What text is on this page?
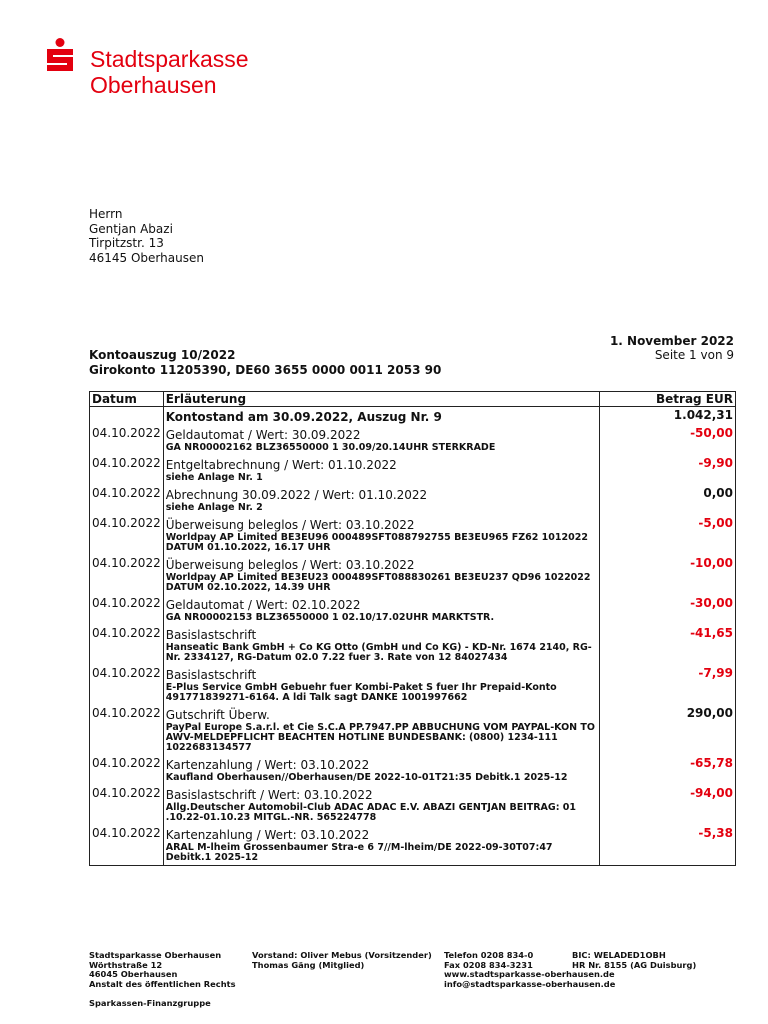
Stadtsparkasse
Oberhausen
Herrn
Gentjan Abazi
Tirpitzstr. 13
46145 Oberhausen
1. November 2022
Seite 1 von 9
Kontoauszug 10/2022
Girokonto 11205390, DE60 3655 0000 0011 2053 90
Datum	Erläuterung	Betrag EUR

	Kontostand am 30.09.2022, Auszug Nr. 9	1.042,31
04.10.2022	Geldautomat / Wert: 30.09.2022
GA NR00002162 BLZ36550000 1 30.09/20.14UHR STERKRADE	-50,00
04.10.2022	Entgeltabrechnung / Wert: 01.10.2022
siehe Anlage Nr. 1	-9,90
04.10.2022	Abrechnung 30.09.2022 / Wert: 01.10.2022
siehe Anlage Nr. 2	0,00
04.10.2022	Überweisung beleglos / Wert: 03.10.2022
Worldpay AP Limited BE3EU96 000489SFT088792755 BE3EU965 FZ62 1012022 DATUM 01.10.2022, 16.17 UHR	-5,00
04.10.2022	Überweisung beleglos / Wert: 03.10.2022
Worldpay AP Limited BE3EU23 000489SFT088830261 BE3EU237 QD96 1022022 DATUM 02.10.2022, 14.39 UHR	-10,00
04.10.2022	Geldautomat / Wert: 02.10.2022
GA NR00002153 BLZ36550000 1 02.10/17.02UHR MARKTSTR.	-30,00
04.10.2022	Basislastschrift
Hanseatic Bank GmbH + Co KG Otto (GmbH und Co KG) - KD-Nr. 1674 2140, RG-Nr. 2334127, RG-Datum 02.0 7.22 fuer 3. Rate von 12 84027434	-41,65
04.10.2022	Basislastschrift
E-Plus Service GmbH Gebuehr fuer Kombi-Paket S fuer Ihr Prepaid-Konto 491771839271-6164. A ldi Talk sagt DANKE 1001997662	-7,99
04.10.2022	Gutschrift Überw.
PayPal Europe S.a.r.l. et Cie S.C.A PP.7947.PP ABBUCHUNG VOM PAYPAL-KON TO AWV-MELDEPFLICHT BEACHTEN HOTLINE BUNDESBANK: (0800) 1234-111 1022683134577	290,00
04.10.2022	Kartenzahlung / Wert: 03.10.2022
Kaufland Oberhausen//Oberhausen/DE 2022-10-01T21:35 Debitk.1 2025-12	-65,78
04.10.2022	Basislastschrift / Wert: 03.10.2022
Allg.Deutscher Automobil-Club ADAC ADAC E.V. ABAZI GENTJAN BEITRAG: 01 .10.22-01.10.23 MITGL.-NR. 565224778	-94,00
04.10.2022	Kartenzahlung / Wert: 03.10.2022
ARAL M-lheim Grossenbaumer Stra-e 6 7//M-lheim/DE 2022-09-30T07:47 Debitk.1 2025-12	-5,38
Stadtsparkasse Oberhausen
Wörthstraße 12
46045 Oberhausen
Anstalt des öffentlichen Rechts
Sparkassen-Finanzgruppe
Vorstand: Oliver Mebus (Vorsitzender)
Thomas Gäng (Mitglied)
Telefon 0208 834-0
Fax 0208 834-3231
www.stadtsparkasse-oberhausen.de
info@stadtsparkasse-oberhausen.de
BIC: WELADED1OBH
HR Nr. 8155 (AG Duisburg)
